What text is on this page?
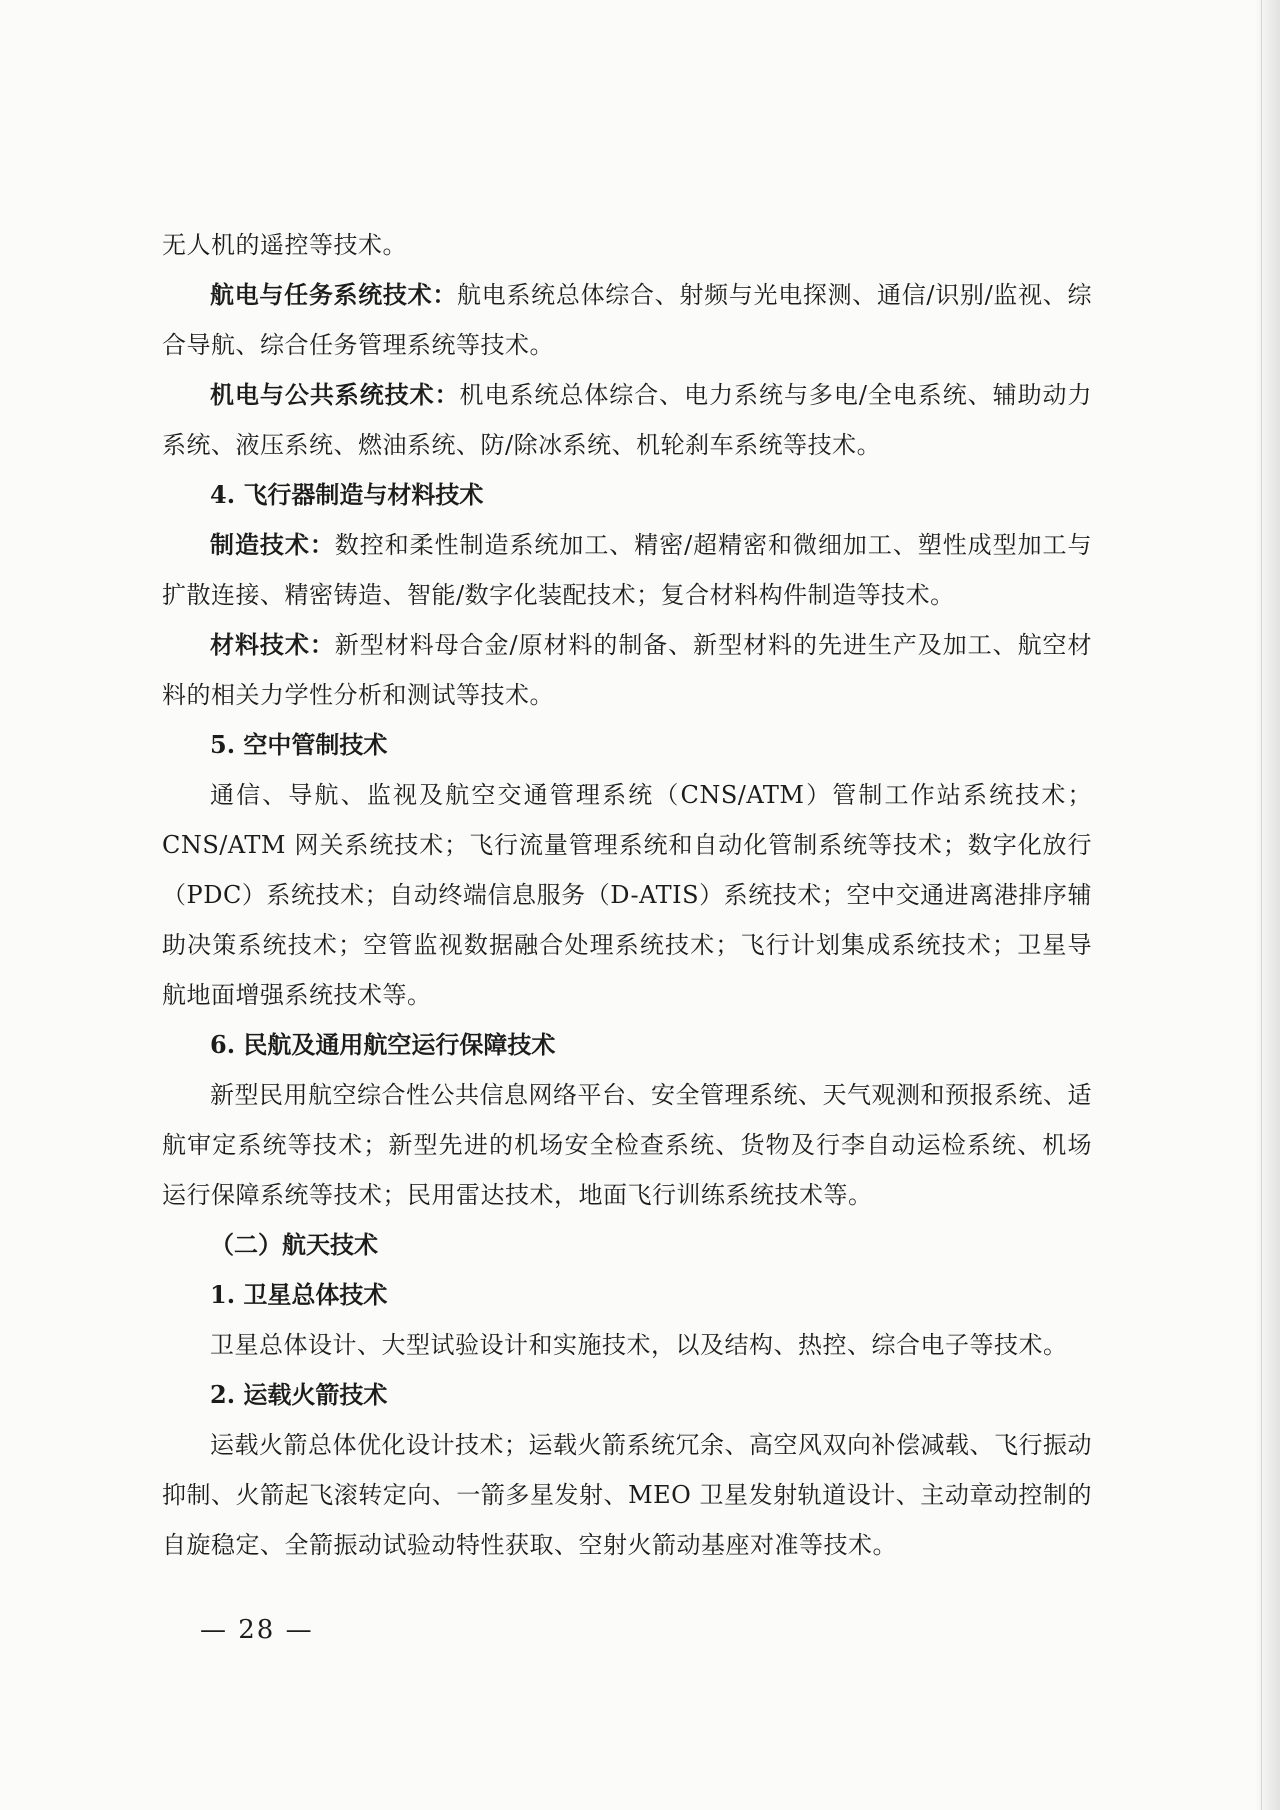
无人机的遥控等技术。

航电与任务系统技术：航电系统总体综合、射频与光电探测、通信/识别/监视、综合导航、综合任务管理系统等技术。

机电与公共系统技术：机电系统总体综合、电力系统与多电/全电系统、辅助动力系统、液压系统、燃油系统、防/除冰系统、机轮刹车系统等技术。

4. 飞行器制造与材料技术

制造技术：数控和柔性制造系统加工、精密/超精密和微细加工、塑性成型加工与扩散连接、精密铸造、智能/数字化装配技术；复合材料构件制造等技术。

材料技术：新型材料母合金/原材料的制备、新型材料的先进生产及加工、航空材料的相关力学性分析和测试等技术。

5. 空中管制技术

通信、导航、监视及航空交通管理系统（CNS/ATM）管制工作站系统技术；CNS/ATM 网关系统技术；飞行流量管理系统和自动化管制系统等技术；数字化放行（PDC）系统技术；自动终端信息服务（D-ATIS）系统技术；空中交通进离港排序辅助决策系统技术；空管监视数据融合处理系统技术；飞行计划集成系统技术；卫星导航地面增强系统技术等。

6. 民航及通用航空运行保障技术

新型民用航空综合性公共信息网络平台、安全管理系统、天气观测和预报系统、适航审定系统等技术；新型先进的机场安全检查系统、货物及行李自动运检系统、机场运行保障系统等技术；民用雷达技术，地面飞行训练系统技术等。

（二）航天技术

1. 卫星总体技术

卫星总体设计、大型试验设计和实施技术，以及结构、热控、综合电子等技术。

2. 运载火箭技术

运载火箭总体优化设计技术；运载火箭系统冗余、高空风双向补偿减载、飞行振动抑制、火箭起飞滚转定向、一箭多星发射、MEO 卫星发射轨道设计、主动章动控制的自旋稳定、全箭振动试验动特性获取、空射火箭动基座对准等技术。

— 28 —
